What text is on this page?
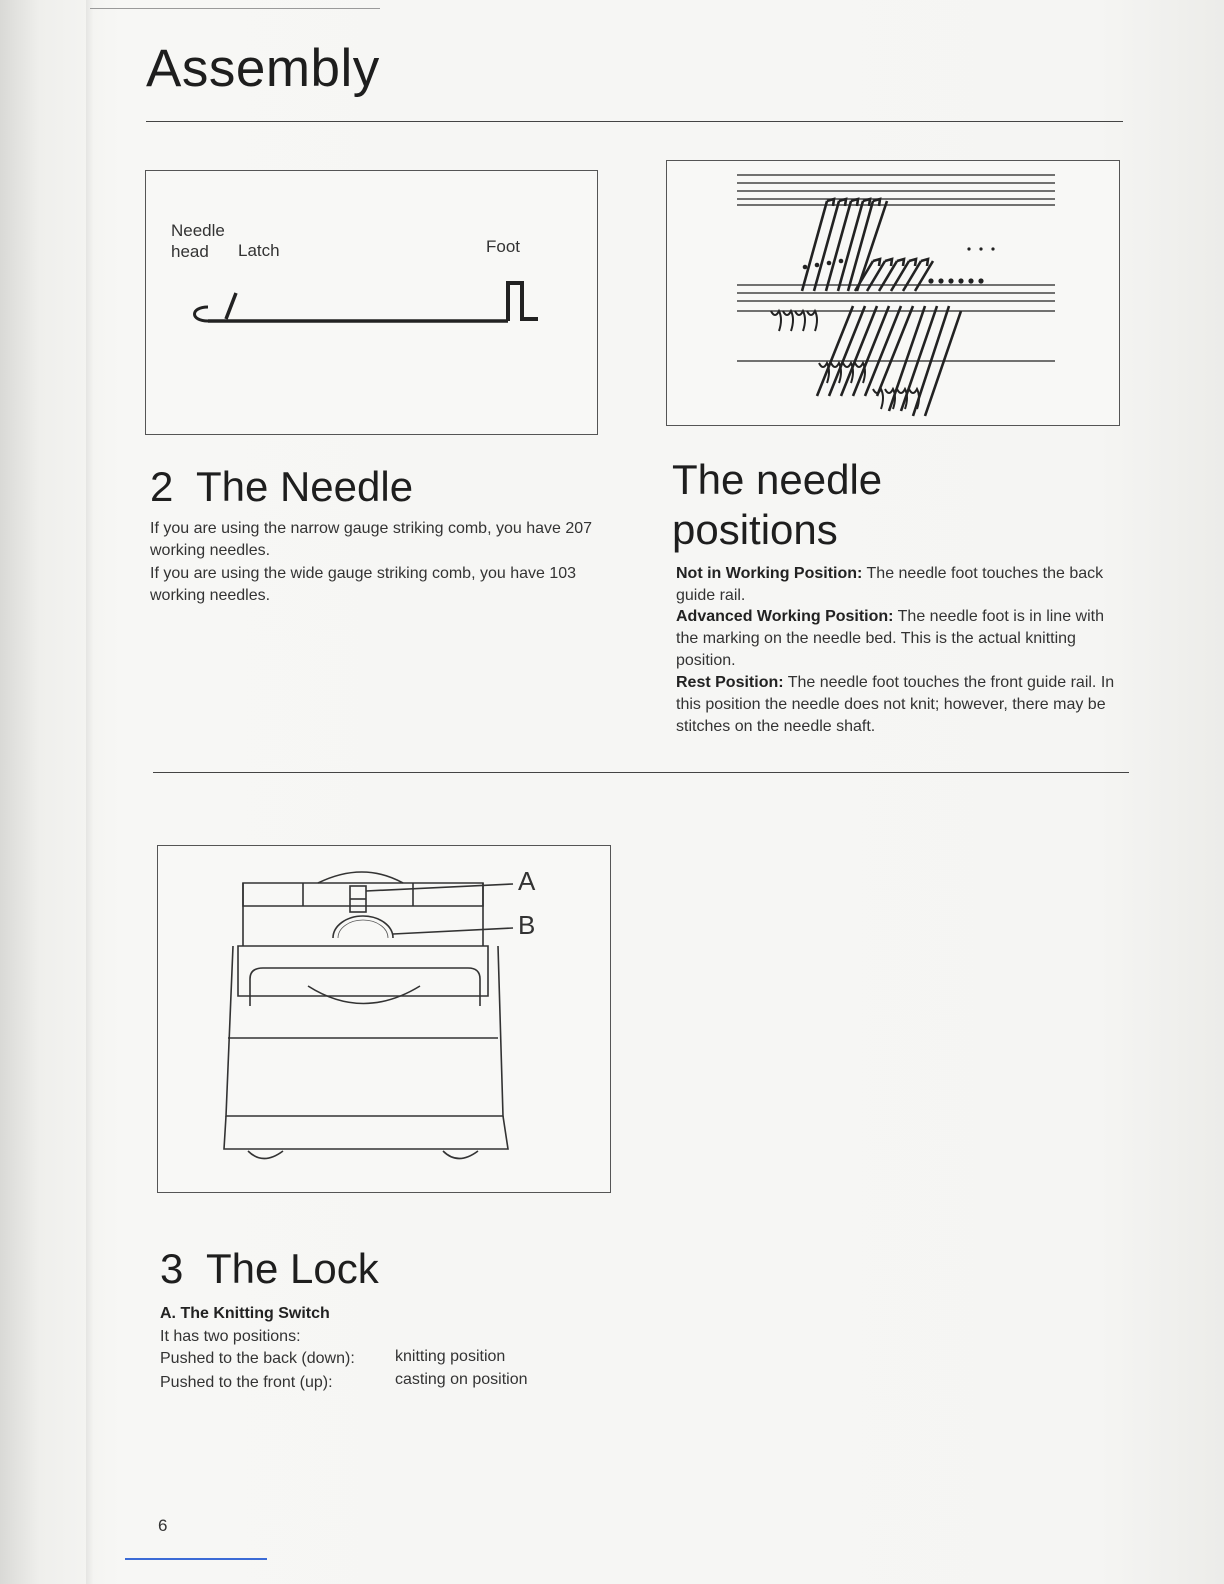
Assembly

Needle

head Latch	Foot

2  The Needle

If you are using the narrow gauge striking comb, you have 207 working needles.

If you are using the wide gauge striking comb, you have 103 working needles.

The needle
positions

Not in Working Position: The needle foot touches the back guide rail.

Advanced Working Position: The needle foot is in line with the marking on the needle bed. This is the actual knitting position.

Rest Position: The needle foot touches the front guide rail. In this position the needle does not knit; however, there may be stitches on the needle shaft.

A

B

3  The Lock

A. The Knitting Switch

It has two positions:

Pushed to the back (down):	knitting position

Pushed to the front (up):	casting on position

6
